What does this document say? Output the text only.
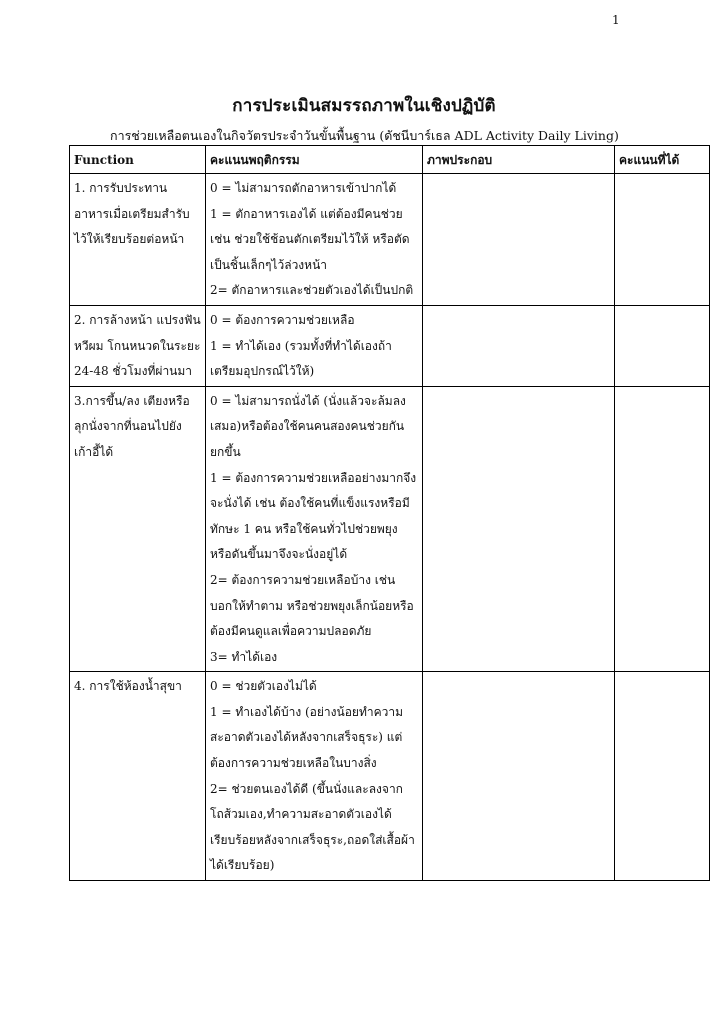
1
การประเมินสมรรถภาพในเชิงปฏิบัติ
การช่วยเหลือตนเองในกิจวัตรประจำวันขั้นพื้นฐาน (ดัชนีบาร์เธล ADL Activity Daily Living)
Function	คะแนนพฤติกรรม	ภาพประกอบ	คะแนนที่ได้
1. การรับประทานอาหารเมื่อเตรียมสำรับไว้ให้เรียบร้อยต่อหน้า	0 = ไม่สามารถตักอาหารเข้าปากได้
1 = ตักอาหารเองได้ แต่ต้องมีคนช่วย เช่น ช่วยใช้ช้อนตักเตรียมไว้ให้ หรือตัดเป็นชิ้นเล็กๆไว้ล่วงหน้า
2= ตักอาหารและช่วยตัวเองได้เป็นปกติ		

2. การล้างหน้า แปรงฟัน หวีผม โกนหนวดในระยะ 24-48 ชั่วโมงที่ผ่านมา	0 = ต้องการความช่วยเหลือ
1 = ทำได้เอง (รวมทั้งที่ทำได้เองถ้าเตรียมอุปกรณ์ไว้ให้)		

3.การขึ้น/ลง เตียงหรือลุกนั่งจากที่นอนไปยังเก้าอี้ได้	0 = ไม่สามารถนั่งได้ (นั่งแล้วจะล้มลงเสมอ)หรือต้องใช้คนคนสองคนช่วยกันยกขึ้น
1 = ต้องการความช่วยเหลืออย่างมากจึงจะนั่งได้ เช่น ต้องใช้คนที่แข็งแรงหรือมีทักษะ 1 คน หรือใช้คนทั่วไปช่วยพยุงหรือดันขึ้นมาจึงจะนั่งอยู่ได้
2= ต้องการความช่วยเหลือบ้าง เช่น บอกให้ทำตาม หรือช่วยพยุงเล็กน้อยหรือต้องมีคนดูแลเพื่อความปลอดภัย
3= ทำได้เอง		

4. การใช้ห้องน้ำสุขา	0 = ช่วยตัวเองไม่ได้
1 = ทำเองได้บ้าง (อย่างน้อยทำความสะอาดตัวเองได้หลังจากเสร็จธุระ) แต่ต้องการความช่วยเหลือในบางสิ่ง
2= ช่วยตนเองได้ดี (ขึ้นนั่งและลงจากโถส้วมเอง,ทำความสะอาดตัวเองได้เรียบร้อยหลังจากเสร็จธุระ,ถอดใส่เสื้อผ้าได้เรียบร้อย)		
